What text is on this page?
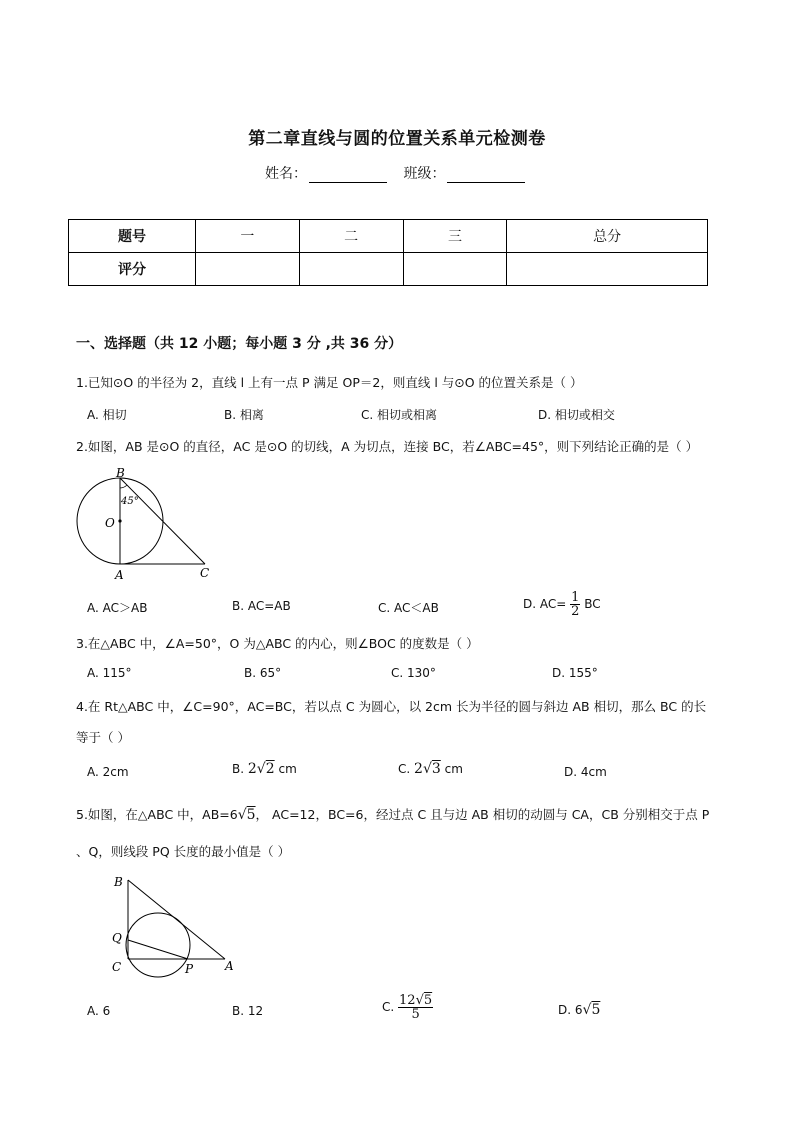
第二章直线与圆的位置关系单元检测卷
姓名：	班级：
题号	一	二	三	总分
评分				
一、选择题（共 12 小题；每小题 3 分 ,共 36 分）
1.已知⊙O 的半径为 2，直线 l 上有一点 P 满足 OP＝2，则直线 l 与⊙O 的位置关系是（ ）
A. 相切	B. 相离	C. 相切或相离	D. 相切或相交
2.如图，AB 是⊙O 的直径，AC 是⊙O 的切线，A 为切点，连接 BC，若∠ABC=45°，则下列结论正确的是（ ）
B
45°
O
A	C
A. AC＞AB	B. AC=AB	C. AC＜AB	D. $AC= \frac{1}{2}$ BC
3.在△ABC 中，∠A=50°，O 为△ABC 的内心，则∠BOC 的度数是（ ）
A. 115°	B. 65°	C. 130°	D. 155°
4.在 Rt△ABC 中，∠C=90°，AC=BC，若以点 C 为圆心，以 2cm 长为半径的圆与斜边 AB 相切，那么 BC 的长
等于（ ）
A. 2cm	B. 2√2 cm	C. 2√3 cm	D. 4cm
5.如图，在△ABC 中，AB=6√5， AC=12，BC=6，经过点 C 且与边 AB 相切的动圆与 CA，CB 分别相交于点 P
、Q，则线段 PQ 长度的最小值是（ ）
B
Q
C	P	A
A. 6	B. 12	C. $\frac{12√5}{5}$	D. 6√5
